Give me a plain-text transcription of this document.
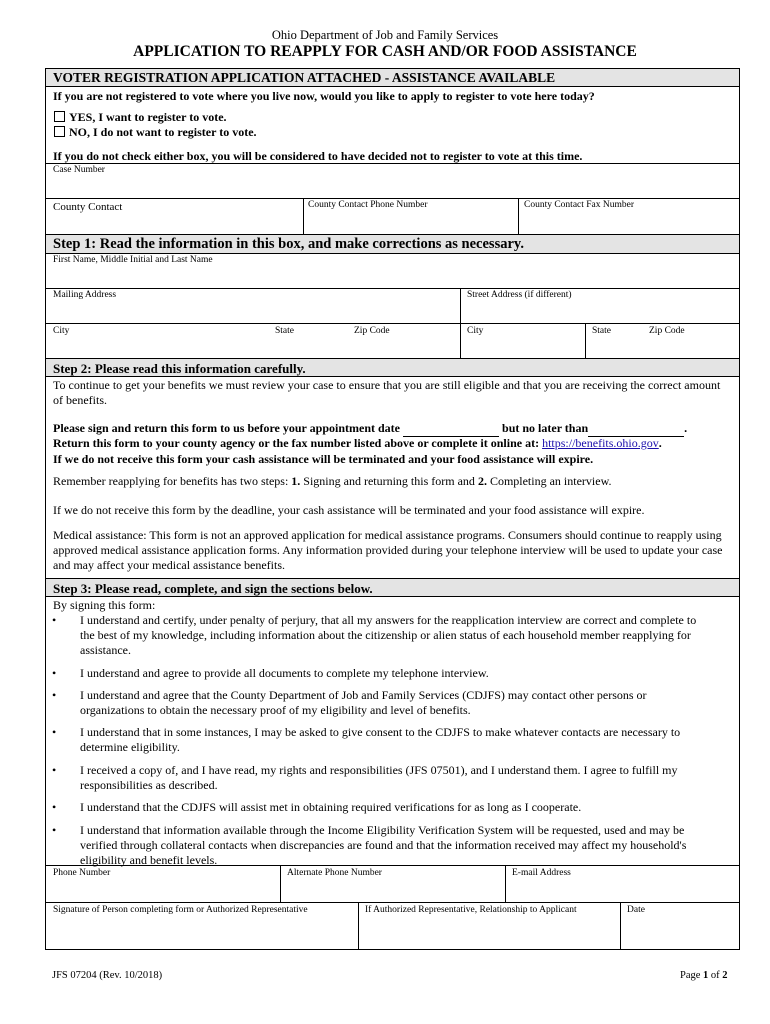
Ohio Department of Job and Family Services
APPLICATION TO REAPPLY FOR CASH AND/OR FOOD ASSISTANCE
VOTER REGISTRATION APPLICATION ATTACHED - ASSISTANCE AVAILABLE
If you are not registered to vote where you live now, would you like to apply to register to vote here today?
YES, I want to register to vote.
NO, I do not want to register to vote.
If you do not check either box, you will be considered to have decided not to register to vote at this time.
Case Number
County Contact	County Contact Phone Number	County Contact Fax Number
Step 1: Read the information in this box, and make corrections as necessary.
First Name, Middle Initial and Last Name
Mailing Address	Street Address (if different)
City	State	Zip Code	City	State	Zip Code
Step 2: Please read this information carefully.
To continue to get your benefits we must review your case to ensure that you are still eligible and that you are receiving the correct amount of benefits.
Please sign and return this form to us before your appointment date	but no later than	.
Return this form to your county agency or the fax number listed above or complete it online at: https://benefits.ohio.gov.
If we do not receive this form your cash assistance will be terminated and your food assistance will expire.
Remember reapplying for benefits has two steps: 1. Signing and returning this form and 2. Completing an interview.
If we do not receive this form by the deadline, your cash assistance will be terminated and your food assistance will expire.
Medical assistance: This form is not an approved application for medical assistance programs. Consumers should continue to reapply using approved medical assistance application forms. Any information provided during your telephone interview will be used to update your case and may affect your medical assistance benefits.
Step 3: Please read, complete, and sign the sections below.
By signing this form:
• I understand and certify, under penalty of perjury, that all my answers for the reapplication interview are correct and complete to the best of my knowledge, including information about the citizenship or alien status of each household member reapplying for assistance.
• I understand and agree to provide all documents to complete my telephone interview.
• I understand and agree that the County Department of Job and Family Services (CDJFS) may contact other persons or organizations to obtain the necessary proof of my eligibility and level of benefits.
• I understand that in some instances, I may be asked to give consent to the CDJFS to make whatever contacts are necessary to determine eligibility.
• I received a copy of, and I have read, my rights and responsibilities (JFS 07501), and I understand them. I agree to fulfill my responsibilities as described.
• I understand that the CDJFS will assist met in obtaining required verifications for as long as I cooperate.
• I understand that information available through the Income Eligibility Verification System will be requested, used and may be verified through collateral contacts when discrepancies are found and that the information received may affect my household's eligibility and benefit levels.
Phone Number	Alternate Phone Number	E-mail Address
Signature of Person completing form or Authorized Representative	If Authorized Representative, Relationship to Applicant	Date
JFS 07204 (Rev. 10/2018)	Page 1 of 2
